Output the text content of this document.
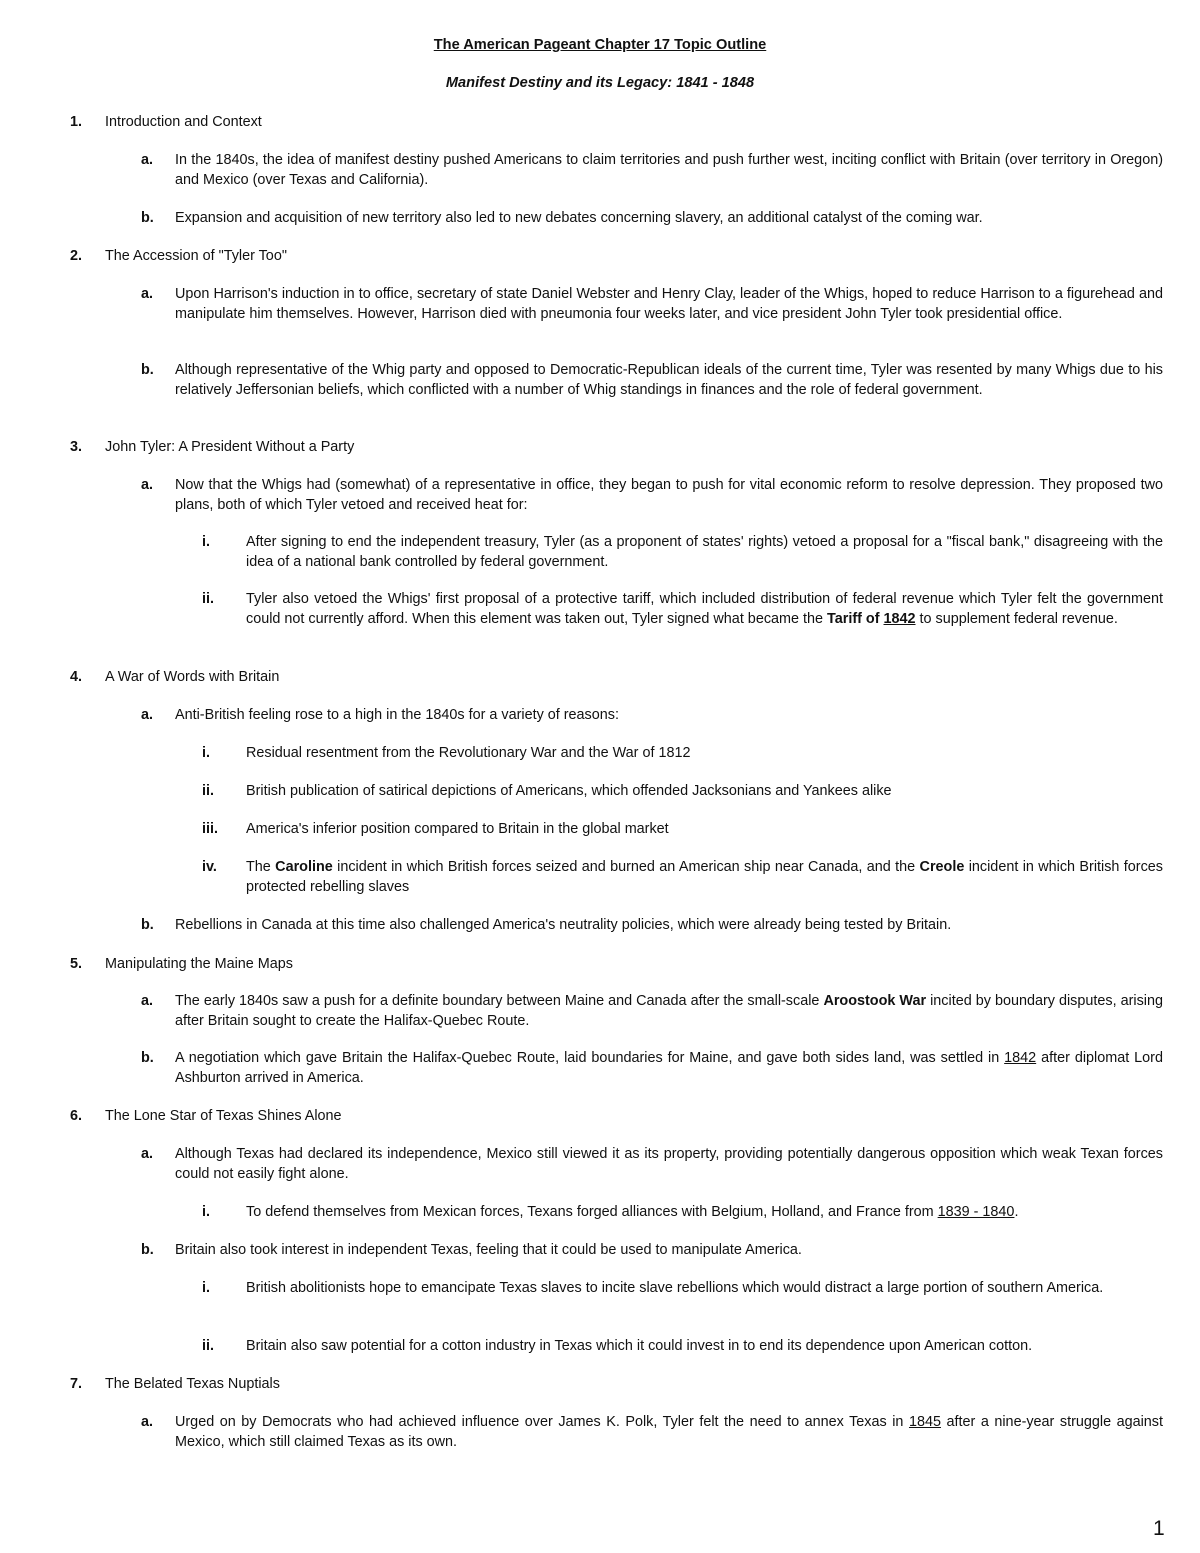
The American Pageant Chapter 17 Topic Outline
Manifest Destiny and its Legacy: 1841 - 1848
1. Introduction and Context
a. In the 1840s, the idea of manifest destiny pushed Americans to claim territories and push further west, inciting conflict with Britain (over territory in Oregon) and Mexico (over Texas and California).
b. Expansion and acquisition of new territory also led to new debates concerning slavery, an additional catalyst of the coming war.
2. The Accession of "Tyler Too"
a. Upon Harrison's induction in to office, secretary of state Daniel Webster and Henry Clay, leader of the Whigs, hoped to reduce Harrison to a figurehead and manipulate him themselves. However, Harrison died with pneumonia four weeks later, and vice president John Tyler took presidential office.
b. Although representative of the Whig party and opposed to Democratic-Republican ideals of the current time, Tyler was resented by many Whigs due to his relatively Jeffersonian beliefs, which conflicted with a number of Whig standings in finances and the role of federal government.
3. John Tyler: A President Without a Party
a. Now that the Whigs had (somewhat) of a representative in office, they began to push for vital economic reform to resolve depression. They proposed two plans, both of which Tyler vetoed and received heat for:
i.	After signing to end the independent treasury, Tyler (as a proponent of states' rights) vetoed a proposal for a "fiscal bank," disagreeing with the idea of a national bank controlled by federal government.
ii. Tyler also vetoed the Whigs' first proposal of a protective tariff, which included distribution of federal revenue which Tyler felt the government could not currently afford. When this element was taken out, Tyler signed what became the Tariff of 1842 to supplement federal revenue.
4. A War of Words with Britain
a. Anti-British feeling rose to a high in the 1840s for a variety of reasons:
i.	Residual resentment from the Revolutionary War and the War of 1812
ii. British publication of satirical depictions of Americans, which offended Jacksonians and Yankees alike
iii. America's inferior position compared to Britain in the global market
iv. The Caroline incident in which British forces seized and burned an American ship near Canada, and the Creole incident in which British forces protected rebelling slaves
b. Rebellions in Canada at this time also challenged America's neutrality policies, which were already being tested by Britain.
5. Manipulating the Maine Maps
a. The early 1840s saw a push for a definite boundary between Maine and Canada after the small-scale Aroostook War incited by boundary disputes, arising after Britain sought to create the Halifax-Quebec Route.
b. A negotiation which gave Britain the Halifax-Quebec Route, laid boundaries for Maine, and gave both sides land, was settled in 1842 after diplomat Lord Ashburton arrived in America.
6. The Lone Star of Texas Shines Alone
a. Although Texas had declared its independence, Mexico still viewed it as its property, providing potentially dangerous opposition which weak Texan forces could not easily fight alone.
i.	To defend themselves from Mexican forces, Texans forged alliances with Belgium, Holland, and France from 1839 - 1840.
b. Britain also took interest in independent Texas, feeling that it could be used to manipulate America.
i.	British abolitionists hope to emancipate Texas slaves to incite slave rebellions which would distract a large portion of southern America.
ii. Britain also saw potential for a cotton industry in Texas which it could invest in to end its dependence upon American cotton.
7. The Belated Texas Nuptials
a. Urged on by Democrats who had achieved influence over James K. Polk, Tyler felt the need to annex Texas in 1845 after a nine-year struggle against Mexico, which still claimed Texas as its own.
1
